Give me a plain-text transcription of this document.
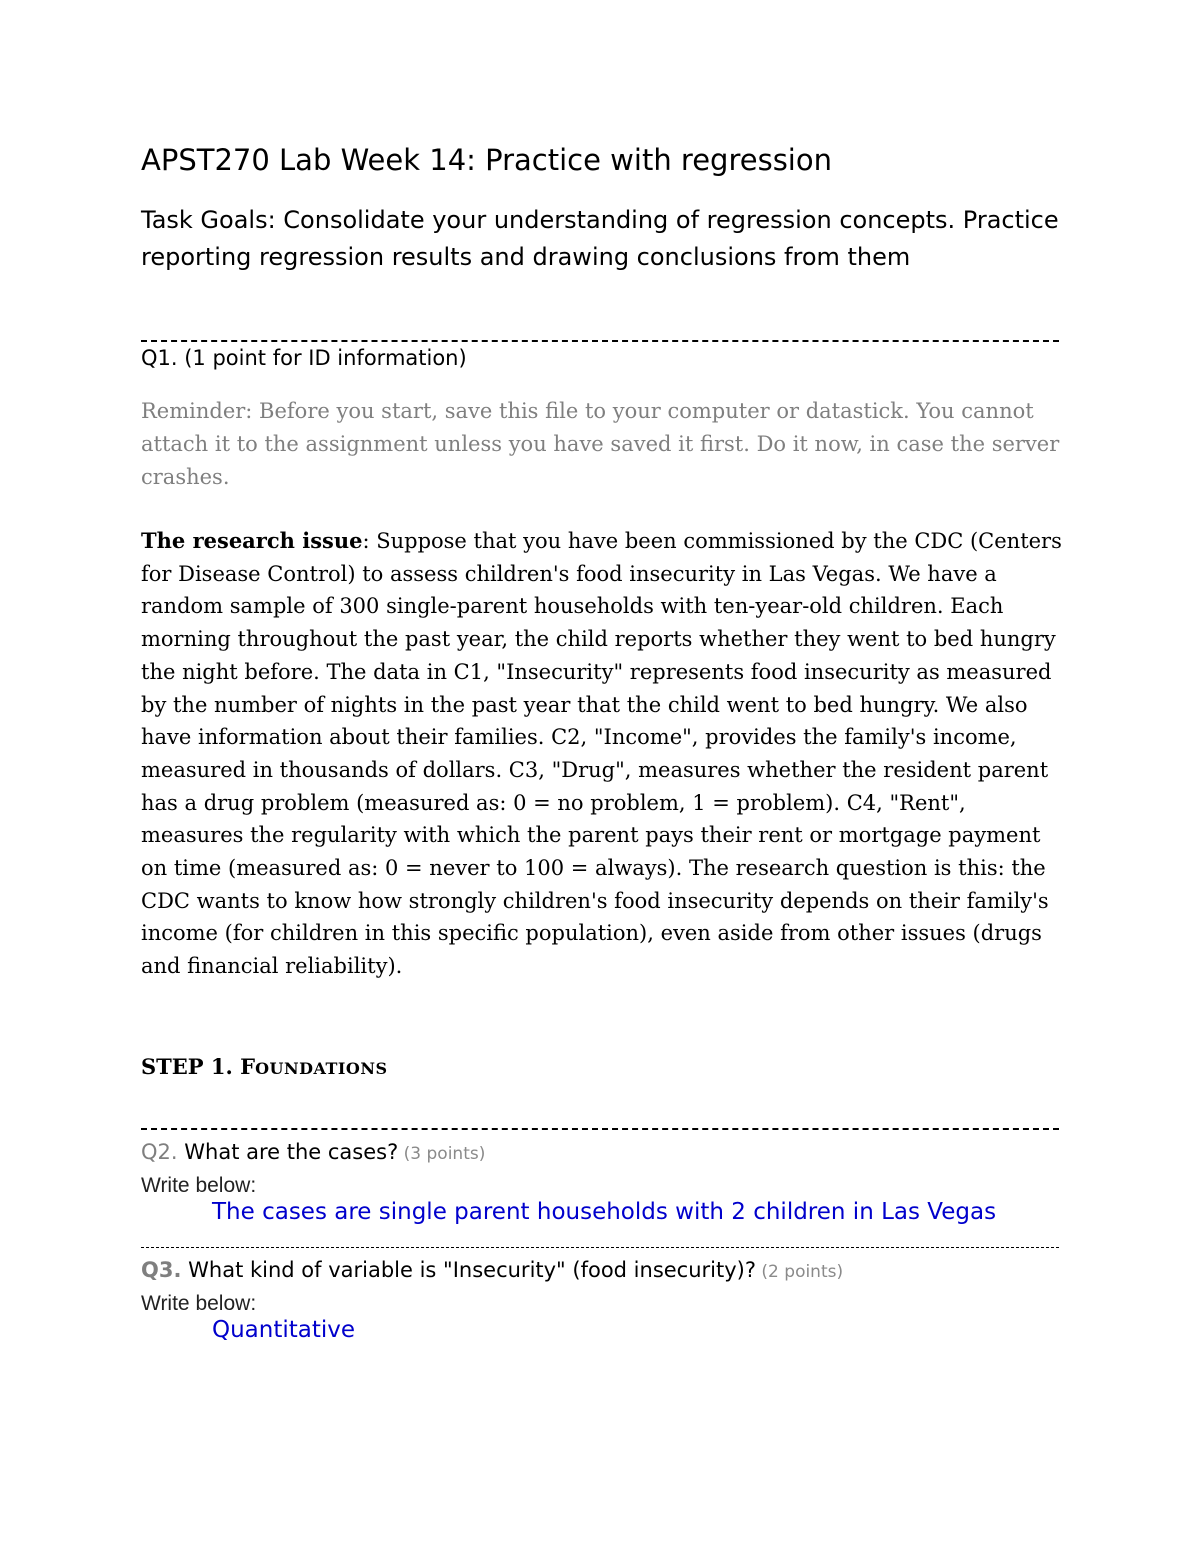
APST270 Lab Week 14: Practice with regression
Task Goals: Consolidate your understanding of regression concepts. Practice reporting regression results and drawing conclusions from them
Q1. (1 point for ID information)
Reminder: Before you start, save this file to your computer or datastick. You cannot attach it to the assignment unless you have saved it first. Do it now, in case the server crashes.
The research issue: Suppose that you have been commissioned by the CDC (Centers for Disease Control) to assess children's food insecurity in Las Vegas. We have a random sample of 300 single-parent households with ten-year-old children. Each morning throughout the past year, the child reports whether they went to bed hungry the night before. The data in C1, "Insecurity" represents food insecurity as measured by the number of nights in the past year that the child went to bed hungry. We also have information about their families. C2, "Income", provides the family's income, measured in thousands of dollars. C3, "Drug", measures whether the resident parent has a drug problem (measured as: 0 = no problem, 1 = problem). C4, "Rent", measures the regularity with which the parent pays their rent or mortgage payment on time (measured as: 0 = never to 100 = always). The research question is this: the CDC wants to know how strongly children's food insecurity depends on their family's income (for children in this specific population), even aside from other issues (drugs and financial reliability).
STEP 1. FOUNDATIONS
Q2. What are the cases? (3 points)
Write below:
The cases are single parent households with 2 children in Las Vegas
Q3. What kind of variable is "Insecurity" (food insecurity)? (2 points)
Write below:
Quantitative
